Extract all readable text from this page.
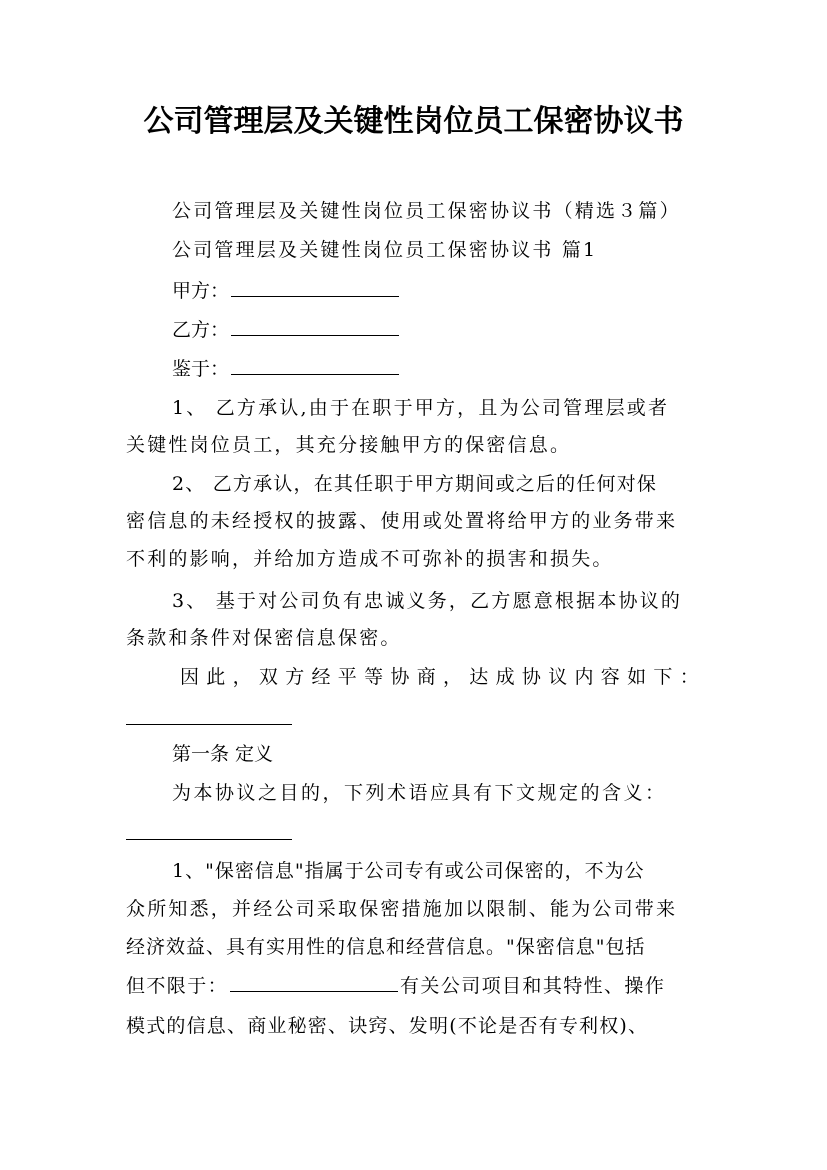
公司管理层及关键性岗位员工保密协议书
公司管理层及关键性岗位员工保密协议书（精选３篇）
公司管理层及关键性岗位员工保密协议书 篇1
甲方：
乙方：
鉴于：
1、 乙方承认,由于在职于甲方，且为公司管理层或者
关键性岗位员工，其充分接触甲方的保密信息。
2、 乙方承认，在其任职于甲方期间或之后的任何对保
密信息的未经授权的披露、使用或处置将给甲方的业务带来
不利的影响，并给加方造成不可弥补的损害和损失。
3、 基于对公司负有忠诚义务，乙方愿意根据本协议的
条款和条件对保密信息保密。
因此，双方经平等协商，达成协议内容如下：
第一条 定义
为本协议之目的，下列术语应具有下文规定的含义：
1、"保密信息"指属于公司专有或公司保密的，不为公
众所知悉，并经公司采取保密措施加以限制、能为公司带来
经济效益、具有实用性的信息和经营信息。"保密信息"包括
但不限于：	有关公司项目和其特性、操作
模式的信息、商业秘密、诀窍、发明(不论是否有专利权)、
